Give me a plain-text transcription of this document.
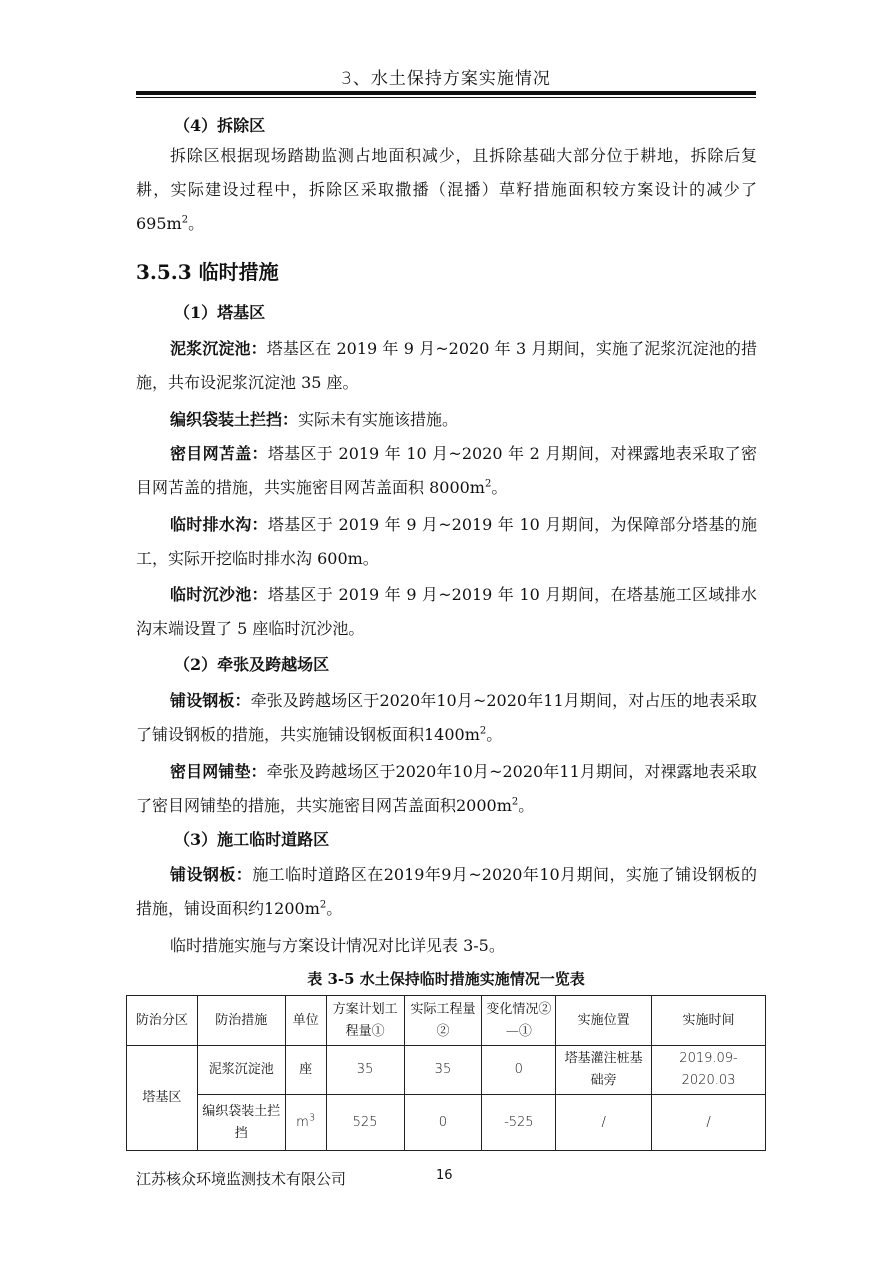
3、水土保持方案实施情况
（4）拆除区
拆除区根据现场踏勘监测占地面积减少，且拆除基础大部分位于耕地，拆除后复耕，实际建设过程中，拆除区采取撒播（混播）草籽措施面积较方案设计的减少了 $695m^2$。
3.5.3 临时措施
（1）塔基区
泥浆沉淀池：塔基区在 2019 年 9 月~2020 年 3 月期间，实施了泥浆沉淀池的措施，共布设泥浆沉淀池 35 座。
编织袋装土拦挡：实际未有实施该措施。
密目网苫盖：塔基区于 2019 年 10 月~2020 年 2 月期间，对裸露地表采取了密目网苫盖的措施，共实施密目网苫盖面积 $8000m^2$。
临时排水沟：塔基区于 2019 年 9 月~2019 年 10 月期间，为保障部分塔基的施工，实际开挖临时排水沟 600m。
临时沉沙池：塔基区于 2019 年 9 月~2019 年 10 月期间，在塔基施工区域排水沟末端设置了 5 座临时沉沙池。
（2）牵张及跨越场区
铺设钢板：牵张及跨越场区于2020年10月~2020年11月期间，对占压的地表采取了铺设钢板的措施，共实施铺设钢板面积$1400m^2$。
密目网铺垫：牵张及跨越场区于2020年10月~2020年11月期间，对裸露地表采取了密目网铺垫的措施，共实施密目网苫盖面积$2000m^2$。
（3）施工临时道路区
铺设钢板：施工临时道路区在2019年9月~2020年10月期间，实施了铺设钢板的措施，铺设面积约$1200m^2$。
临时措施实施与方案设计情况对比详见表 3-5。
表 3-5 水土保持临时措施实施情况一览表
防治分区	防治措施	单位	方案计划工程量①	实际工程量②	变化情况②—①	实施位置	实施时间
塔基区	泥浆沉淀池	座	35	35	0	塔基灌注桩基础旁	2019.09-2020.03
	编织袋装土拦挡	$m^3$	525	0	-525	/	/
江苏核众环境监测技术有限公司	16
